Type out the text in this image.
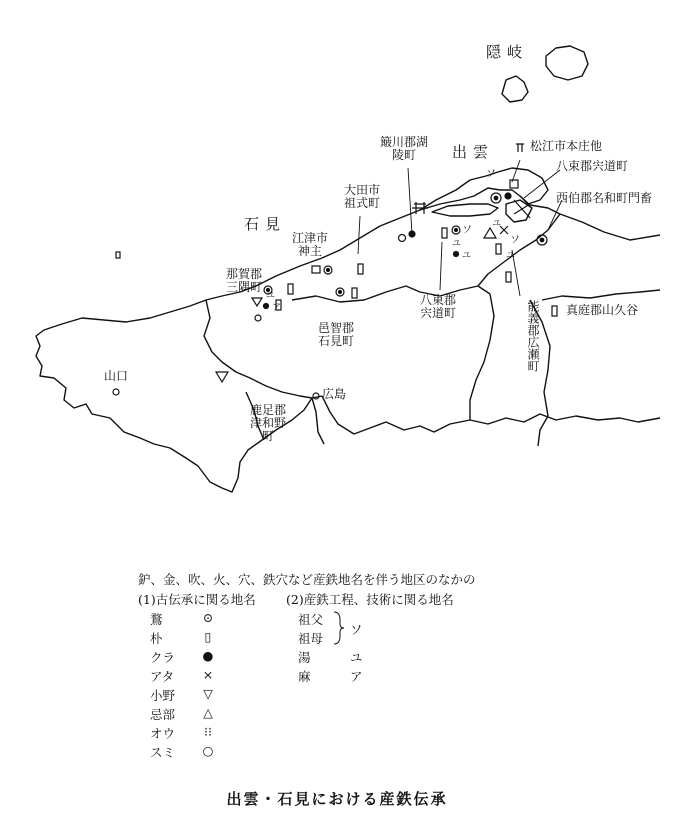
隠岐
出雲
石見
松江市本庄他
八束郡宍道町
簸川郡湖陵町
西伯郡名和町門畜
大田市祖式町
江津市神主
那賀郡三隅町
八東郡宍道町	能義郡広瀬町 真庭郡山久谷
邑智郡石見町
山口
広島
鹿足郡津和野町
ソ
ソ
ソ
ユ
ユ
ユ	ユ
ユ
ア
鈩、金、吹、火、穴、鉄穴など産鉄地名を伴う地区のなかの
(1)古伝承に関る地名 (2)産鉄工程、技術に関る地名
鶩	⊙
朴	▯
クラ ●
アタ ×
小野 ▽
忌部 △
オウ	⁝⁝
スミ ○
祖父
祖母
ソ
湯	ユ
麻	ア
出雲・石見における産鉄伝承
